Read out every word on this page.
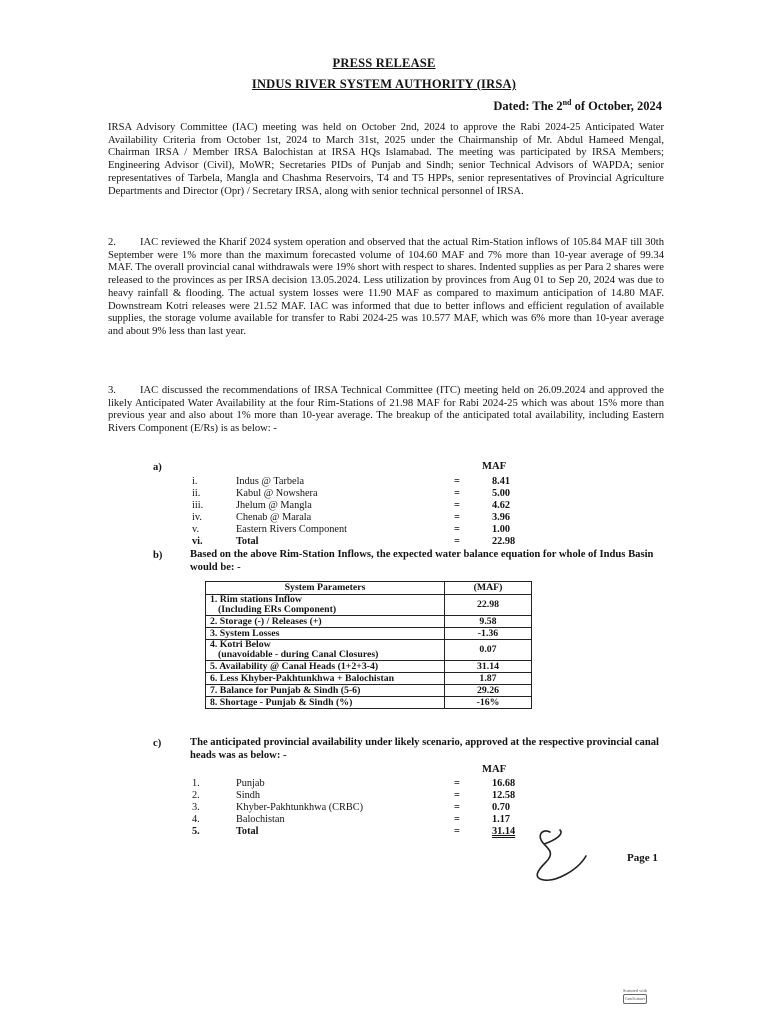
PRESS RELEASE
INDUS RIVER SYSTEM AUTHORITY (IRSA)
Dated: The 2nd of October, 2024
IRSA Advisory Committee (IAC) meeting was held on October 2nd, 2024 to approve the Rabi 2024-25 Anticipated Water Availability Criteria from October 1st, 2024 to March 31st, 2025 under the Chairmanship of Mr. Abdul Hameed Mengal, Chairman IRSA / Member IRSA Balochistan at IRSA HQs Islamabad. The meeting was participated by IRSA Members; Engineering Advisor (Civil), MoWR; Secretaries PIDs of Punjab and Sindh; senior Technical Advisors of WAPDA; senior representatives of Tarbela, Mangla and Chashma Reservoirs, T4 and T5 HPPs, senior representatives of Provincial Agriculture Departments and Director (Opr) / Secretary IRSA, along with senior technical personnel of IRSA.
2. IAC reviewed the Kharif 2024 system operation and observed that the actual Rim-Station inflows of 105.84 MAF till 30th September were 1% more than the maximum forecasted volume of 104.60 MAF and 7% more than 10-year average of 99.34 MAF. The overall provincial canal withdrawals were 19% short with respect to shares. Indented supplies as per Para 2 shares were released to the provinces as per IRSA decision 13.05.2024. Less utilization by provinces from Aug 01 to Sep 20, 2024 was due to heavy rainfall & flooding. The actual system losses were 11.90 MAF as compared to maximum anticipation of 14.80 MAF. Downstream Kotri releases were 21.52 MAF. IAC was informed that due to better inflows and efficient regulation of available supplies, the storage volume available for transfer to Rabi 2024-25 was 10.577 MAF, which was 6% more than 10-year average and about 9% less than last year.
3. IAC discussed the recommendations of IRSA Technical Committee (ITC) meeting held on 26.09.2024 and approved the likely Anticipated Water Availability at the four Rim-Stations of 21.98 MAF for Rabi 2024-25 which was about 15% more than previous year and also about 1% more than 10-year average. The breakup of the anticipated total availability, including Eastern Rivers Component (E/Rs) is as below: -
a)	MAF
i.	Indus @ Tarbela	=	8.41
ii.	Kabul @ Nowshera	=	5.00
iii.	Jhelum @ Mangla	=	4.62
iv.	Chenab @ Marala	=	3.96
v.	Eastern Rivers Component	=	1.00
vi.	Total	=	22.98
b)	Based on the above Rim-Station Inflows, the expected water balance equation for whole of Indus Basin would be: -
System Parameters	(MAF)

1. Rim stations Inflow
(Including ERs Component)	22.98

2. Storage (-) / Releases (+)	9.58

3. System Losses	-1.36

4. Kotri Below
(unavoidable - during Canal Closures)	0.07

5. Availability @ Canal Heads (1+2+3-4)	31.14

6. Less Khyber-Pakhtunkhwa + Balochistan	1.87

7. Balance for Punjab & Sindh (5-6)	29.26

8. Shortage - Punjab & Sindh (%)	-16%
c)	The anticipated provincial availability under likely scenario, approved at the respective provincial canal heads was as below: -
MAF
1.	Punjab	=	16.68
2.	Sindh	=	12.58
3.	Khyber-Pakhtunkhwa (CRBC)	=	0.70
4.	Balochistan	=	1.17
5.	Total	=	31.14
Page 1
Scanned with
CamScanner
